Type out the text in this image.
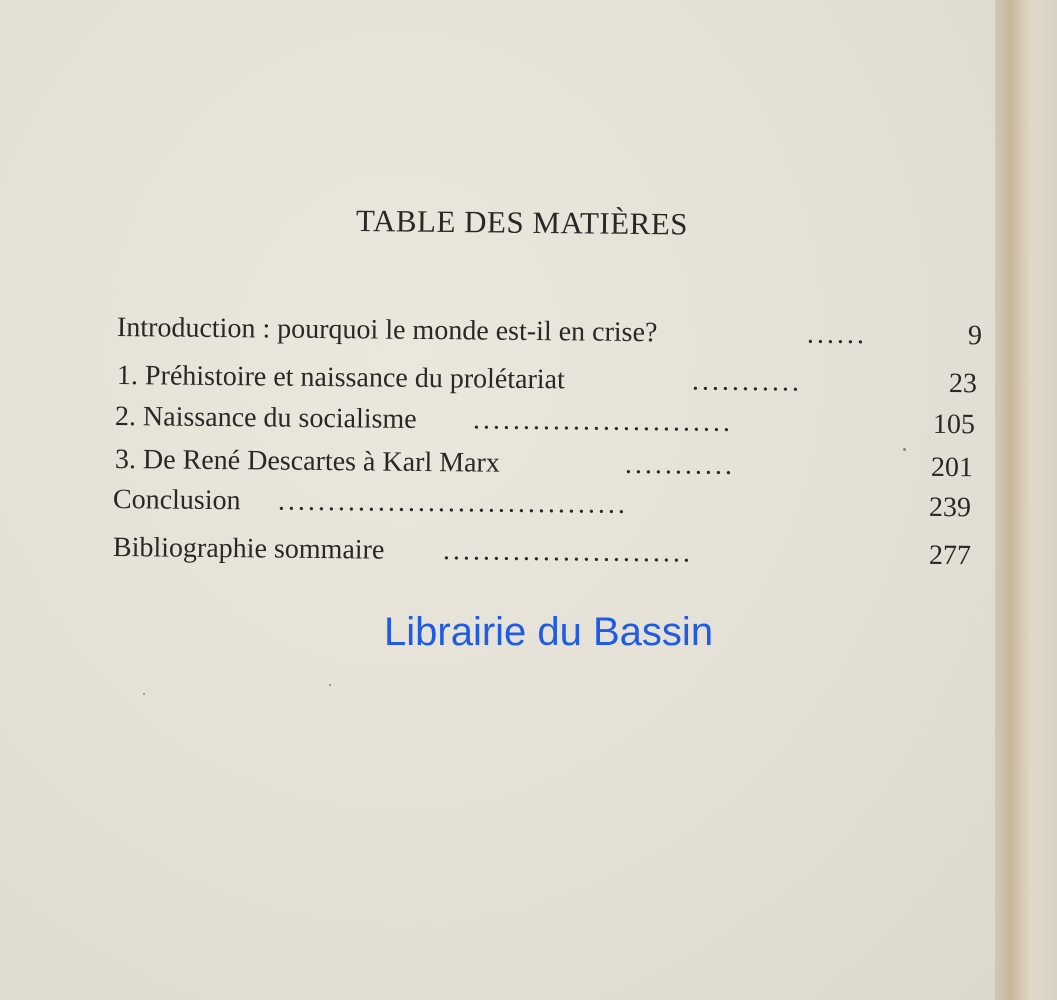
TABLE DES MATIÈRES
Introduction : pourquoi le monde est-il en crise?	......	9
1. Préhistoire et naissance du prolétariat	...........	23
2. Naissance du socialisme ..........................	105
3. De René Descartes à Karl Marx	...........	201
Conclusion ...................................	239
Bibliographie sommaire .........................	277
Librairie du Bassin
